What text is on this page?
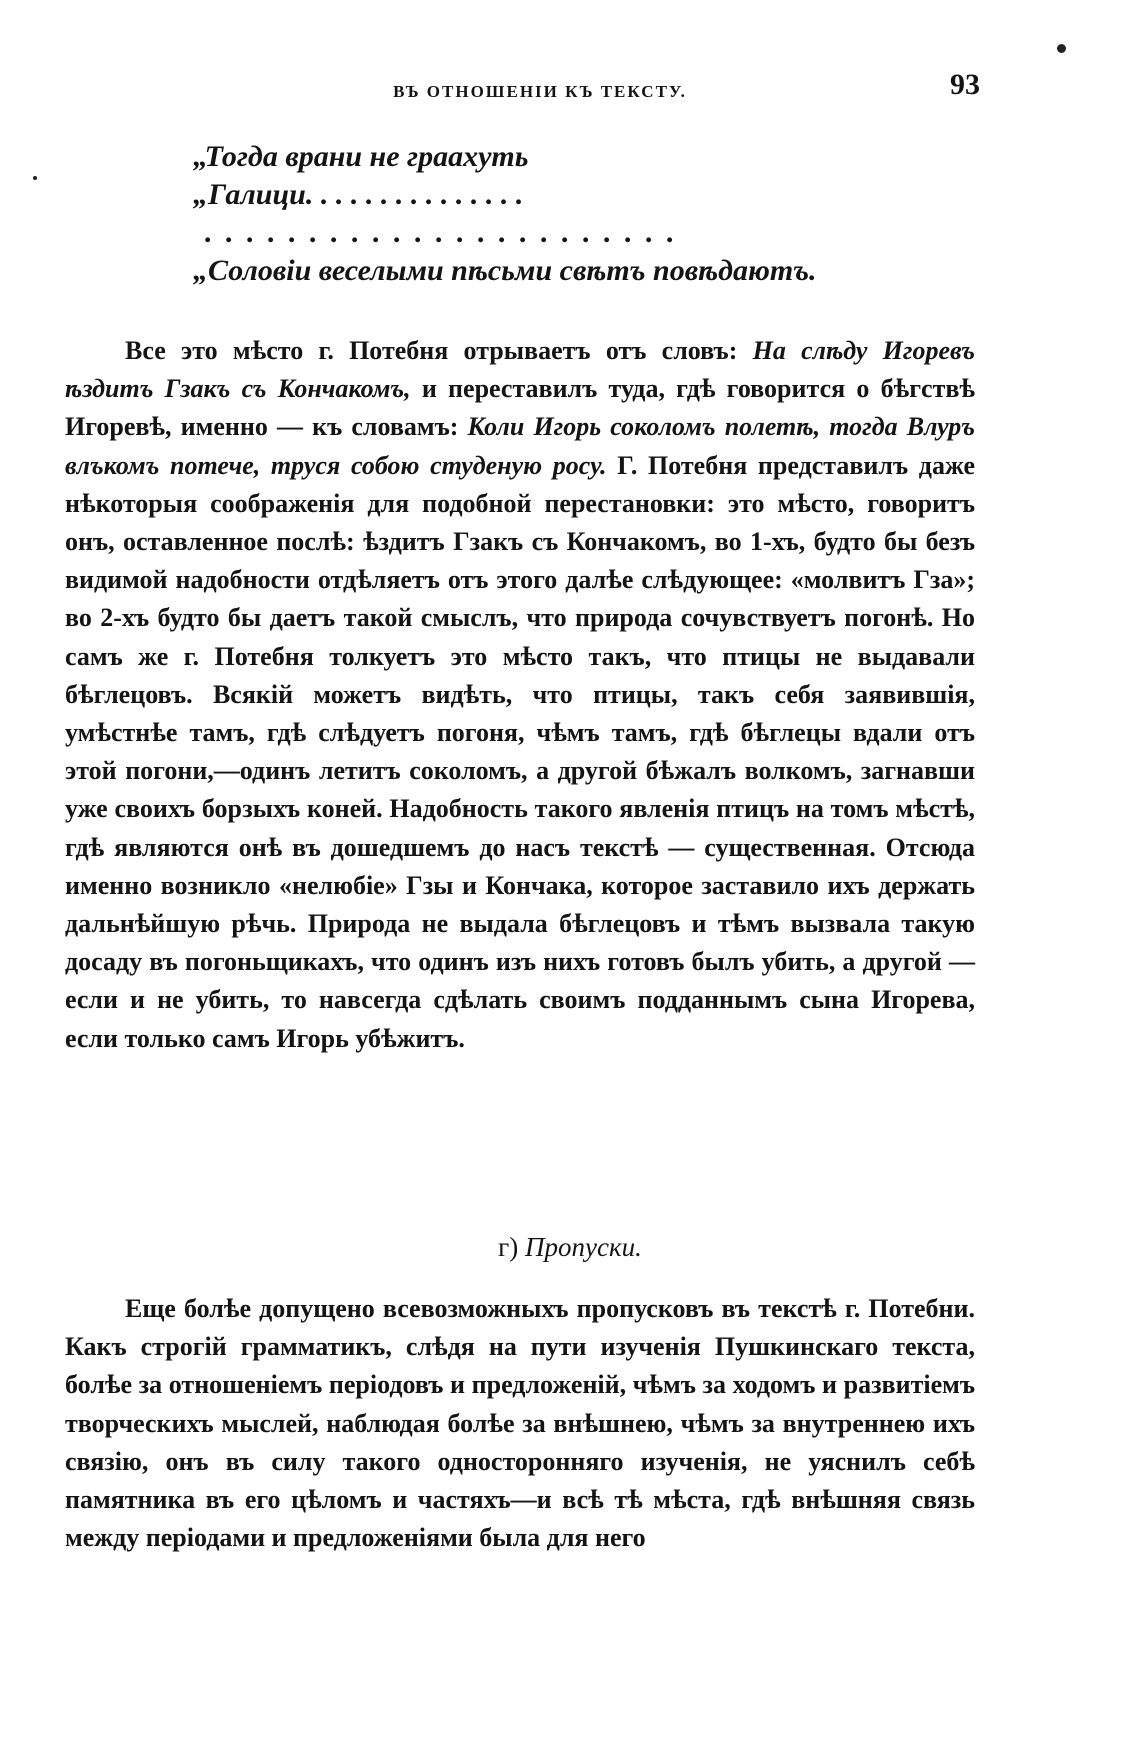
ВЪ ОТНОШЕНІИ КЪ ТЕКСТУ.	93
„Тогда врани не граахуть
„Галици. . . . . . . . . . . . . . .
. . . . . . . . . . . . . . . . . . . . . . .
„Соловіи веселыми пѣсьми свѣтъ повѣдаютъ.

Все это мѣсто г. Потебня отрываетъ отъ словъ: На слѣду Игоревъ ѣздитъ Гзакъ съ Кончакомъ, и переставилъ туда, гдѣ говорится о бѣгствѣ Игоревѣ, именно — къ словамъ: Коли Игорь соколомъ полетѣ, тогда Влуръ влъкомъ потече, труся собою студеную росу. Г. Потебня представилъ даже нѣкоторыя соображенія для подобной перестановки: это мѣсто, говоритъ онъ, оставленное послѣ: ѣздитъ Гзакъ съ Кончакомъ, во 1-хъ, будто бы безъ видимой надобности отдѣляетъ отъ этого далѣе слѣдующее: «молвитъ Гза»; во 2-хъ будто бы даетъ такой смыслъ, что природа сочувствуетъ погонѣ. Но самъ же г. Потебня толкуетъ это мѣсто такъ, что птицы не выдавали бѣглецовъ. Всякій можетъ видѣть, что птицы, такъ себя заявившія, умѣстнѣе тамъ, гдѣ слѣдуетъ погоня, чѣмъ тамъ, гдѣ бѣглецы вдали отъ этой погони,—одинъ летитъ соколомъ, а другой бѣжалъ волкомъ, загнавши уже своихъ борзыхъ коней. Надобность такого явленія птицъ на томъ мѣстѣ, гдѣ являются онѣ въ дошедшемъ до насъ текстѣ — существенная. Отсюда именно возникло «нелюбіе» Гзы и Кончака, которое заставило ихъ держать дальнѣйшую рѣчь. Природа не выдала бѣглецовъ и тѣмъ вызвала такую досаду въ погоньщикахъ, что одинъ изъ нихъ готовъ былъ убить, а другой — если и не убить, то навсегда сдѣлать своимъ подданнымъ сына Игорева, если только самъ Игорь убѣжитъ.

г) Пропуски.

Еще болѣе допущено всевозможныхъ пропусковъ въ текстѣ г. Потебни. Какъ строгій грамматикъ, слѣдя на пути изученія Пушкинскаго текста, болѣе за отношеніемъ періодовъ и предложеній, чѣмъ за ходомъ и развитіемъ творческихъ мыслей, наблюдая болѣе за внѣшнею, чѣмъ за внутреннею ихъ связію, онъ въ силу такого односторонняго изученія, не уяснилъ себѣ памятника въ его цѣломъ и частяхъ—и всѣ тѣ мѣста, гдѣ внѣшняя связь между періодами и предложеніями была для него
